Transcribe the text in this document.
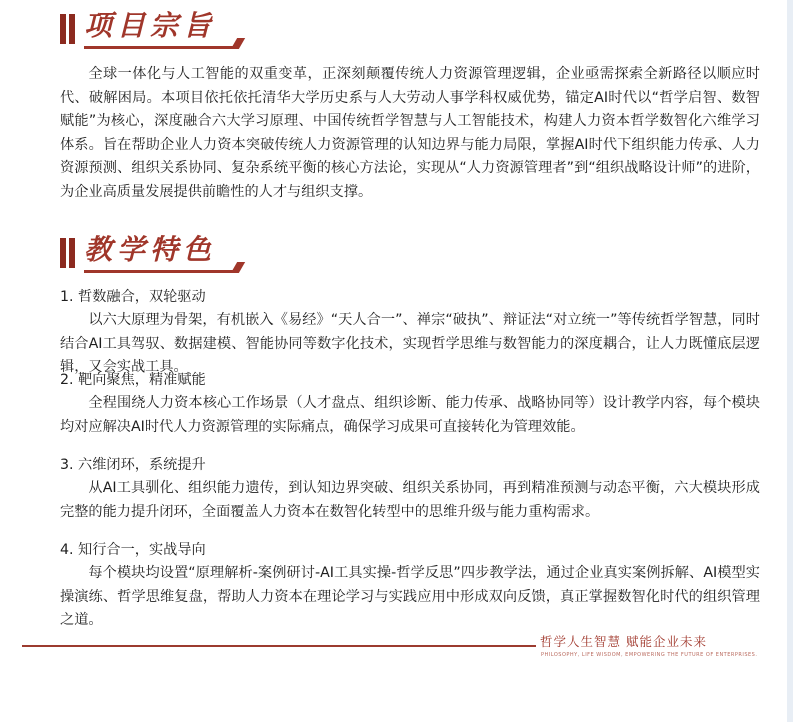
项目宗旨

全球一体化与人工智能的双重变革，正深刻颠覆传统人力资源管理逻辑，企业亟需探索全新路径以顺应时代、破解困局。本项目依托依托清华大学历史系与人大劳动人事学科权威优势，锚定AI时代以“哲学启智、数智赋能”为核心，深度融合六大学习原理、中国传统哲学智慧与人工智能技术，构建人力资本哲学数智化六维学习体系。旨在帮助企业人力资本突破传统人力资源管理的认知边界与能力局限，掌握AI时代下组织能力传承、人力资源预测、组织关系协同、复杂系统平衡的核心方法论，实现从“人力资源管理者”到“组织战略设计师”的进阶，为企业高质量发展提供前瞻性的人才与组织支撑。

教学特色

1. 哲数融合，双轮驱动

以六大原理为骨架，有机嵌入《易经》“天人合一”、禅宗“破执”、辩证法“对立统一”等传统哲学智慧，同时结合AI工具驾驭、数据建模、智能协同等数字化技术，实现哲学思维与数智能力的深度耦合，让人力既懂底层逻辑，又会实战工具。

2. 靶向聚焦，精准赋能

全程围绕人力资本核心工作场景（人才盘点、组织诊断、能力传承、战略协同等）设计教学内容，每个模块均对应解决AI时代人力资源管理的实际痛点，确保学习成果可直接转化为管理效能。

3. 六维闭环，系统提升

从AI工具驯化、组织能力遗传，到认知边界突破、组织关系协同，再到精准预测与动态平衡，六大模块形成完整的能力提升闭环，全面覆盖人力资本在数智化转型中的思维升级与能力重构需求。

4. 知行合一，实战导向

每个模块均设置“原理解析-案例研讨-AI工具实操-哲学反思”四步教学法，通过企业真实案例拆解、AI模型实操演练、哲学思维复盘，帮助人力资本在理论学习与实践应用中形成双向反馈，真正掌握数智化时代的组织管理之道。

哲学人生智慧 赋能企业未来
PHILOSOPHY, LIFE WISDOM, EMPOWERING THE FUTURE OF ENTERPRISES.
